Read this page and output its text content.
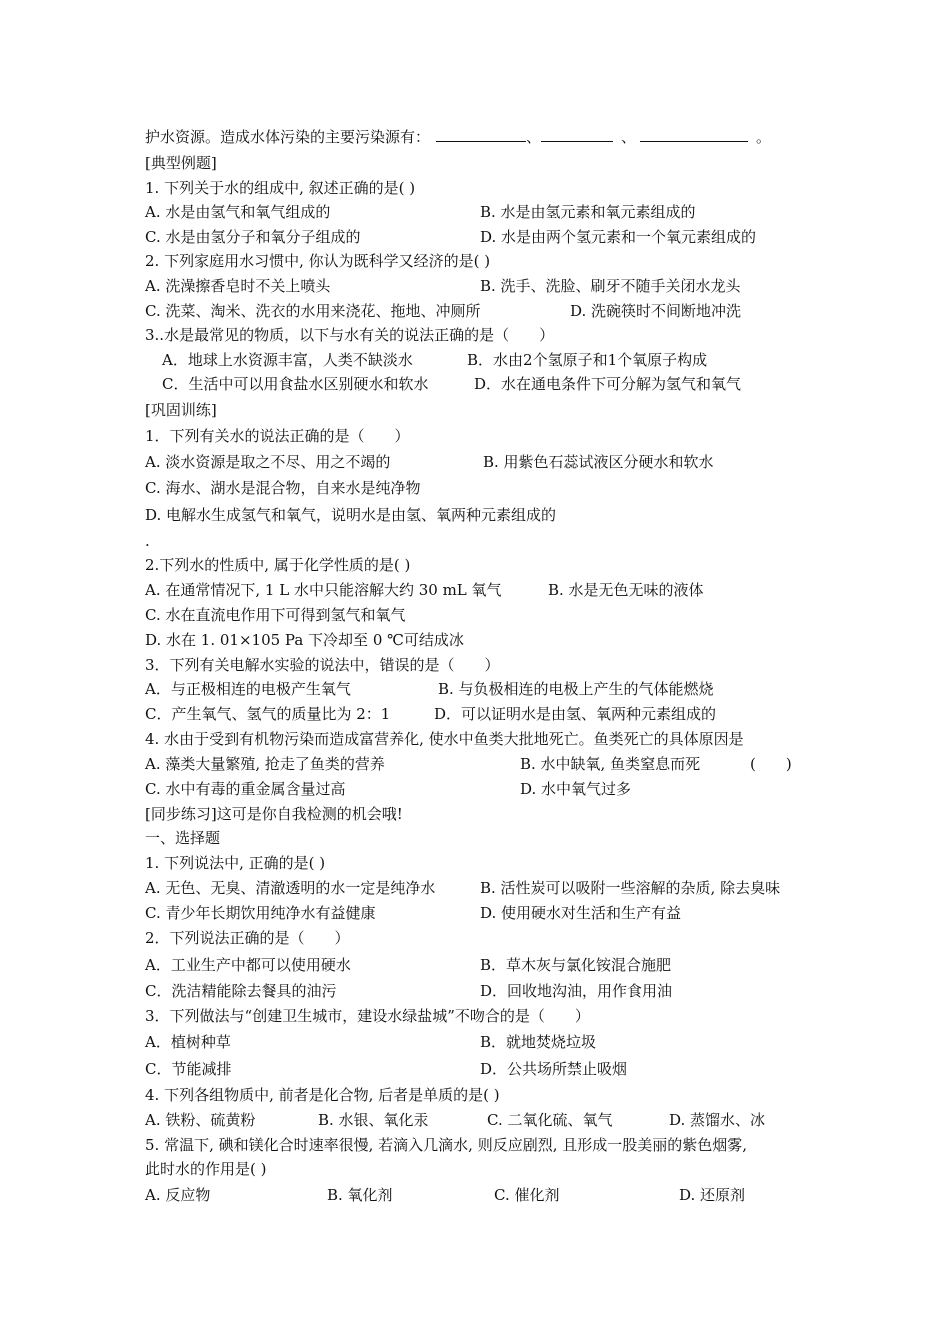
护水资源。造成水体污染的主要污染源有：	、	、	。
[典型例题]
1. 下列关于水的组成中, 叙述正确的是( )
A. 水是由氢气和氧气组成的	B. 水是由氢元素和氧元素组成的
C. 水是由氢分子和氧分子组成的	D. 水是由两个氢元素和一个氧元素组成的
2. 下列家庭用水习惯中, 你认为既科学又经济的是( )
A. 洗澡擦香皂时不关上喷头	B. 洗手、洗脸、刷牙不随手关闭水龙头
C. 洗菜、淘米、洗衣的水用来浇花、拖地、冲厕所	D. 洗碗筷时不间断地冲洗
3..水是最常见的物质，以下与水有关的说法正确的是（　　）
A．地球上水资源丰富，人类不缺淡水	B．水由2个氢原子和1个氧原子构成
C．生活中可以用食盐水区别硬水和软水	D．水在通电条件下可分解为氢气和氧气
[巩固训练]
1．下列有关水的说法正确的是（　　）
A. 淡水资源是取之不尽、用之不竭的	B. 用紫色石蕊试液区分硬水和软水
C. 海水、湖水是混合物，自来水是纯净物
D. 电解水生成氢气和氧气，说明水是由氢、氧两种元素组成的
.
2.下列水的性质中, 属于化学性质的是( )
A. 在通常情况下, 1 L 水中只能溶解大约 30 mL 氧气	B. 水是无色无味的液体
C. 水在直流电作用下可得到氢气和氧气
D. 水在 1. 01×105 Pa 下冷却至 0 ℃可结成冰
3．下列有关电解水实验的说法中，错误的是（　　）
A．与正极相连的电极产生氧气	B. 与负极相连的电极上产生的气体能燃烧
C．产生氧气、氢气的质量比为 2：1	D．可以证明水是由氢、氧两种元素组成的
4. 水由于受到有机物污染而造成富营养化, 使水中鱼类大批地死亡。鱼类死亡的具体原因是
A. 藻类大量繁殖, 抢走了鱼类的营养	B. 水中缺氧, 鱼类窒息而死	(　　)
C. 水中有毒的重金属含量过高	D. 水中氧气过多
[同步练习]这可是你自我检测的机会哦!
一、选择题
1. 下列说法中, 正确的是( )
A. 无色、无臭、清澈透明的水一定是纯净水	B. 活性炭可以吸附一些溶解的杂质, 除去臭味
C. 青少年长期饮用纯净水有益健康	D. 使用硬水对生活和生产有益
2．下列说法正确的是（　　）
A．工业生产中都可以使用硬水	B．草木灰与氯化铵混合施肥
C．洗洁精能除去餐具的油污	D．回收地沟油，用作食用油
3．下列做法与“创建卫生城市，建设水绿盐城”不吻合的是（　　）
A．植树种草	B．就地焚烧垃圾
C．节能减排	D．公共场所禁止吸烟
4. 下列各组物质中, 前者是化合物, 后者是单质的是( )
A. 铁粉、硫黄粉	B. 水银、氧化汞	C. 二氧化硫、氧气	D. 蒸馏水、冰
5. 常温下, 碘和镁化合时速率很慢, 若滴入几滴水, 则反应剧烈, 且形成一股美丽的紫色烟雾,
此时水的作用是( )
A. 反应物	B. 氧化剂	C. 催化剂	D. 还原剂
